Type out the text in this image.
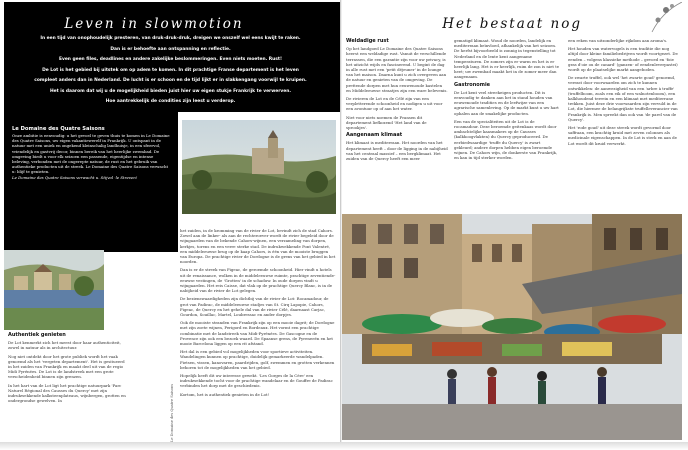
Leven in slowmotion

In een tijd van onophoudelijk presteren, van druk-druk-druk, dreigen we onszelf wel eens kwijt te raken.

Dan is er behoefte aan ontspanning en reflectie.

Even geen files, deadlines en andere zakelijke beslommeringen. Even niets moeten. Rust!

De Lot is het gebied bij uitstek om op adem te komen. In dit prachtige Franse departement is het leven

compleet anders dan in Nederland. De lucht is er schoon en de tijd lijkt er in slakkengang voorwijl te kruipen.

Het is daarom dat wij u de mogelijkheid bieden juist hier uw eigen stukje Frankrijk te verwerven.

Hoe aantrekkelijk de condities zijn leest u verderop.

Le Domaine des Quatre Saisons
Onze ambitie is eenvoudig: u het gevoel te geven thuis te komen in Le Domaine des Quatre Saisons, uw eigen vakantiewerelf in Frankrijk. U ontspant in de natuur met een uniek en ongekend kleinschalig landhuisje, in een sfeervol, vriendelijk en gastvrij decor, binnen bereik van het heerlijke zwembad. De omgeving biedt u voor elk seizoen een passende, eigentijdse en intense beleving, verbonden met de ongerepte natuur, de rust en het gebruik van authentieke producten uit de streek. Le Domaine des Quatre Saisons verwacht u: blijf te genieten.
Le Domaine des Quatre Saisons verwacht u. Stijvol ·le Streven!
Authentiek genieten

De Lot kenmerkt zich het meest door haar authenticiteit, zowel in natuur als in architectuur.

Nog niet ontdekt door het grote publiek wordt het vaak genoemd als het 'vergeten departement'. Het is gesitueerd in het zuiden van Frankrijk en maakt deel uit van de regio Midi Pyrénées. De Lot is de landstreek met een grote verscheidenheid binnen zijn grenzen.

In het hart van de Lot ligt het prachtige natuurpark 'Parc Naturel Régional des Causses du Quercy' met zijn indrukwekkende kalksteenplateaus, wijnbergen, grotten en ondergrondse gewelven. In

het zuiden, in de kromming van de rivier de Lot, bevindt zich de stad Cahors. Zowel aan de linker- als aan de rechteroever wordt de rivier begeleid door de wijngaarden van de bekende Cahors-wijnen, een verzameling van dorpen, kerkjes, torens en een verre sterke stad. De indrukwekkende Pont Valentré, een middeleeuwse brug op de kaap Cahors, is één van de mooiste bruggen van Europa. De prachtige rivier de Dordogne is de grens van het gebied in het noorden.

Dan is er de streek van Figeac, de geroemde schoonheid. Hier vindt u hotels uit de renaissance, wolken in de middeleeuwse ruimte, prachtige zeventiende-eeuwse vestingen, de 'Grotten' in de schaduw. In oude dorpen vindt u wijngaarden. Het reis Caisse, dat vlak op de prachtige Quercy Blanc, is in de nabijheid van de rivier de Lot gelegen.

De bezienswaardigheden zijn dichtbij van de rivier de Lot: Rocamadour, de grot van Padirac, de middeleeuwse stadjes van St. Cirq Lapopie, Cahors, Figeac, de Quercy en het gehele dal van de rivier Célé, daarnaast Carjac, Gourdon, Souillac, Martel, Loubressac en ander dorpjes.

Ook de mooiste stranden van Frankrijk zijn op een mooie dagrit; de Dordogne met zijn zoete wijnen, Perigord en Bordeaux. Het vormt een prachtige combinatie met de landstreek van Midi-Pyrénées. De Gascogne en de Provence zijn ook een bezoek waard. De Spaanse grens, de Pyreneeën en het mooie Barcelona liggen op een rit afstand.

Het dal is een gebied vol mogelijkheden voor sportieve activiteiten. Wandelingen kunnen op prachtige, duidelijk gemarkeerde wandelpaden. Fietsen, vissen, kanovaren, paardrijden, golf, zwemmen en grotten verkennen behoren tot de mogelijkheden van het gebied.

Hopelijk heeft dit uw interesse gewekt. 'Les Gorges de la Cère' een indrukwekkende tocht voor de prachtige wandelaar en de Gouffre de Padirac verbinden het dorp met de geschiedenis.

Kortom, het is authentiek genieten in de Lot!

Le Domaine des Quatre Saisons
Het bestaat nog
Weldadige rust

Op het landgoed Le Domaine des Quatre Saisons heerst een weldadige rust. Vanuit de verschillende terrassen, die een garantie zijn voor uw privacy, is het uitzicht wijds en fascinerend. U begint de dag in alle rust met een 'petit déjeuner' in de lounge van het maison. Daarna kunt u zich overgeven aan de natuur en genieten van de omgeving. De prettende dorpen met hun eeuwenoude kastelen en Middeleeuwse straatjes zijn een ware belevenis.

De rivieren de Lot en de Célé zijn van een verpletterende schoonheid en nodigen u uit voor een avontuur op of aan het water.

Niet voor niets noemen de Fransen dit departement liefkozend 'Het land van de sprookjes'.

Aangenaam klimaat

Het klimaat is mediterraan. Het noorden van het departement heeft – door de ligging in de nabijheid van het centraal massief – een bergklimaat. Het zuiden van de Quercy heeft een meer

gematigd klimaat. Woud de noorden, landelijk en mediterraan beïnvloed, afhankelijk van het seizoen. De herfst bijvoorbeeld is zonnig in tegenstelling tot Nederland en de lente kent aangename temperaturen. De zomers zijn er warm en het is er heerlijk lang. Het is er heerlijk, ruim de zon is niet te heet; uw zwembad maakt het in de zomer meer dan aangenaam.

Gastronomie

De Lot kent veel streekeigen producten. Dit is eenvoudig te danken aan het in stand houden van eeuwenoude tradities en de leefwijze van een agrarische samenleving. Op de markt kunt u uw hart ophalen aan de smakelijke producten.

Een van de specialiteiten uit de Lot is de rocamadour. Deze beroemde geitenkaas wordt door ambachtelijke kaasmakers op de Causses (kalkhoogvlakten) du Quercy geproduceerd. De eerbiedwaardige 'truffe du Quercy' is zwart gekleurd; andere dorpen hebben eigen beroemde wijnen. De Cahors wijn, de donkerste van Frankrijk, en kan in tijd sterker worden.

een reken van uitzonderlijke rijkdom aan aroma's.

Het houden van watervogels is een traditie die nog altijd door kleine familiebedrijven wordt voortgezet. De eenden – volgens klassieke methode – gevoed en 'foie gras d'oie ou de canard' (ganzen- of eendenleverpastei) wordt op de plaatselijke markt aangeboden.

De zwarte truffel, ook wel 'het zwarte goud' genoemd, verrast door voorwaarden om zich te kunnen ontwikkelen: de aanwezigheid van een 'arbre à truffe' (truffelboom, zoals een eik of een walnotenboom), een kalkhoudend terrein en een klimaat met mediterrane trekken. Juist deze drie voorwaarden zijn vervuld in de Lot, die hiermee de belangrijkste truffelleverancier van Frankrijk is. Men spreekt dan ook van 'de parel van de Quercy'.

Het 'rode goud' uit deze streek wordt gevormd door saffraan, een krachtig kruid met zeven colonnes als medicinale eigenschappen. In de Lot is sterk en aan de Lot wordt dit kruid verwerkt.
